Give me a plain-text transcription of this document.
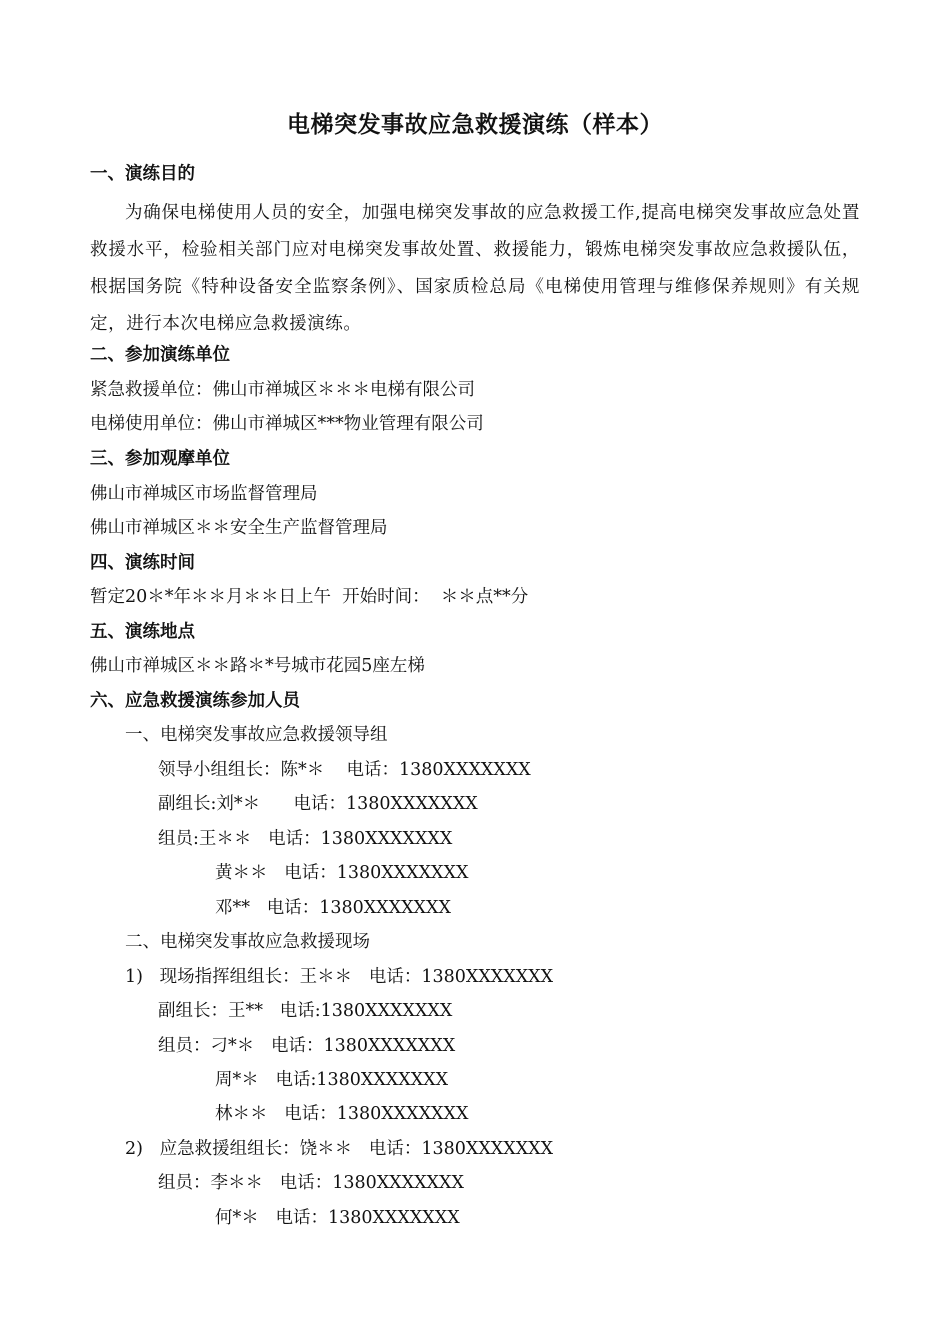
电梯突发事故应急救援演练（样本）
一、演练目的
为确保电梯使用人员的安全，加强电梯突发事故的应急救援工作,提高电梯突发事故应急处置救援水平，检验相关部门应对电梯突发事故处置、救援能力，锻炼电梯突发事故应急救援队伍，根据国务院《特种设备安全监察条例》、国家质检总局《电梯使用管理与维修保养规则》有关规定，进行本次电梯应急救援演练。
二、参加演练单位
紧急救援单位：佛山市禅城区＊＊＊电梯有限公司
电梯使用单位：佛山市禅城区***物业管理有限公司
三、参加观摩单位
佛山市禅城区市场监督管理局
佛山市禅城区＊＊安全生产监督管理局
四、演练时间
暂定20＊*年＊＊月＊＊日上午  开始时间：  ＊＊点**分
五、演练地点
佛山市禅城区＊＊路＊*号城市花园5座左梯
六、应急救援演练参加人员
一、电梯突发事故应急救援领导组
领导小组组长：陈*＊    电话：1380XXXXXXX
副组长:刘*＊      电话：1380XXXXXXX
组员:王＊＊   电话：1380XXXXXXX
黄＊＊   电话：1380XXXXXXX
邓**   电话：1380XXXXXXX
二、电梯突发事故应急救援现场
1)   现场指挥组组长：王＊＊   电话：1380XXXXXXX
副组长：王**   电话:1380XXXXXXX
组员：刁*＊   电话：1380XXXXXXX
周*＊   电话:1380XXXXXXX
林＊＊   电话：1380XXXXXXX
2)   应急救援组组长：饶＊＊   电话：1380XXXXXXX
组员：李＊＊   电话：1380XXXXXXX
何*＊   电话：1380XXXXXXX
